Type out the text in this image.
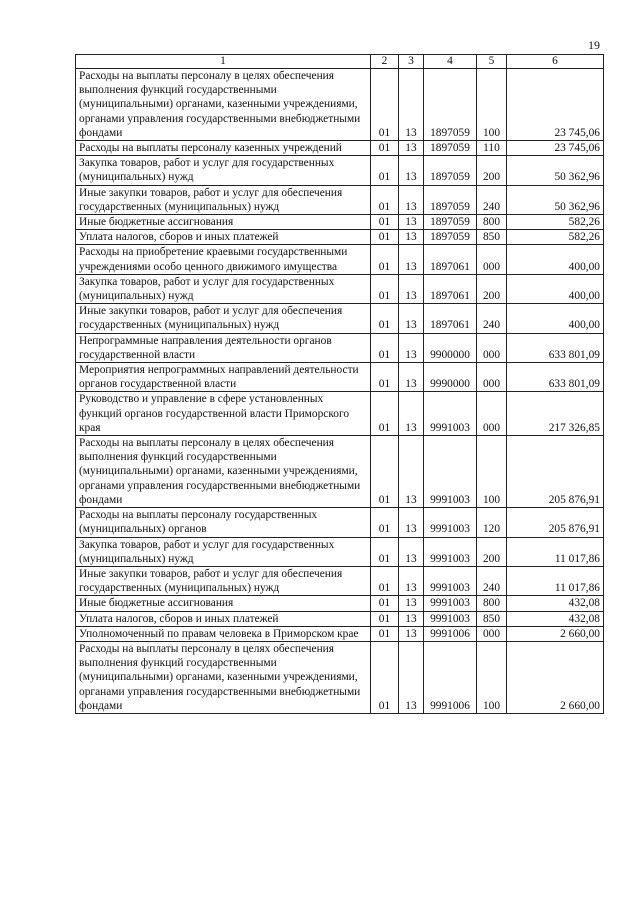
19
1	2	3	4	5	6
Расходы на выплаты персоналу в целях обеспечения выполнения функций государственными (муниципальными) органами, казенными учреждениями, органами управления государственными внебюджетными фондами	01	13	1897059	100	23 745,06
Расходы на выплаты персоналу казенных учреждений	01	13	1897059	110	23 745,06
Закупка товаров, работ и услуг для государственных (муниципальных) нужд	01	13	1897059	200	50 362,96
Иные закупки товаров, работ и услуг для обеспечения государственных (муниципальных) нужд	01	13	1897059	240	50 362,96
Иные бюджетные ассигнования	01	13	1897059	800	582,26
Уплата налогов, сборов и иных платежей	01	13	1897059	850	582,26
Расходы на приобретение краевыми государственными учреждениями особо ценного движимого имущества	01	13	1897061	000	400,00
Закупка товаров, работ и услуг для государственных (муниципальных) нужд	01	13	1897061	200	400,00
Иные закупки товаров, работ и услуг для обеспечения государственных (муниципальных) нужд	01	13	1897061	240	400,00
Непрограммные направления деятельности органов государственной власти	01	13	9900000	000	633 801,09
Мероприятия непрограммных направлений деятельности органов государственной власти	01	13	9990000	000	633 801,09
Руководство и управление в сфере установленных функций органов государственной власти Приморского края	01	13	9991003	000	217 326,85
Расходы на выплаты персоналу в целях обеспечения выполнения функций государственными (муниципальными) органами, казенными учреждениями, органами управления государственными внебюджетными фондами	01	13	9991003	100	205 876,91
Расходы на выплаты персоналу государственных (муниципальных) органов	01	13	9991003	120	205 876,91
Закупка товаров, работ и услуг для государственных (муниципальных) нужд	01	13	9991003	200	11 017,86
Иные закупки товаров, работ и услуг для обеспечения государственных (муниципальных) нужд	01	13	9991003	240	11 017,86
Иные бюджетные ассигнования	01	13	9991003	800	432,08
Уплата налогов, сборов и иных платежей	01	13	9991003	850	432,08
Уполномоченный по правам человека в Приморском крае	01	13	9991006	000	2 660,00
Расходы на выплаты персоналу в целях обеспечения выполнения функций государственными (муниципальными) органами, казенными учреждениями, органами управления государственными внебюджетными фондами	01	13	9991006	100	2 660,00
